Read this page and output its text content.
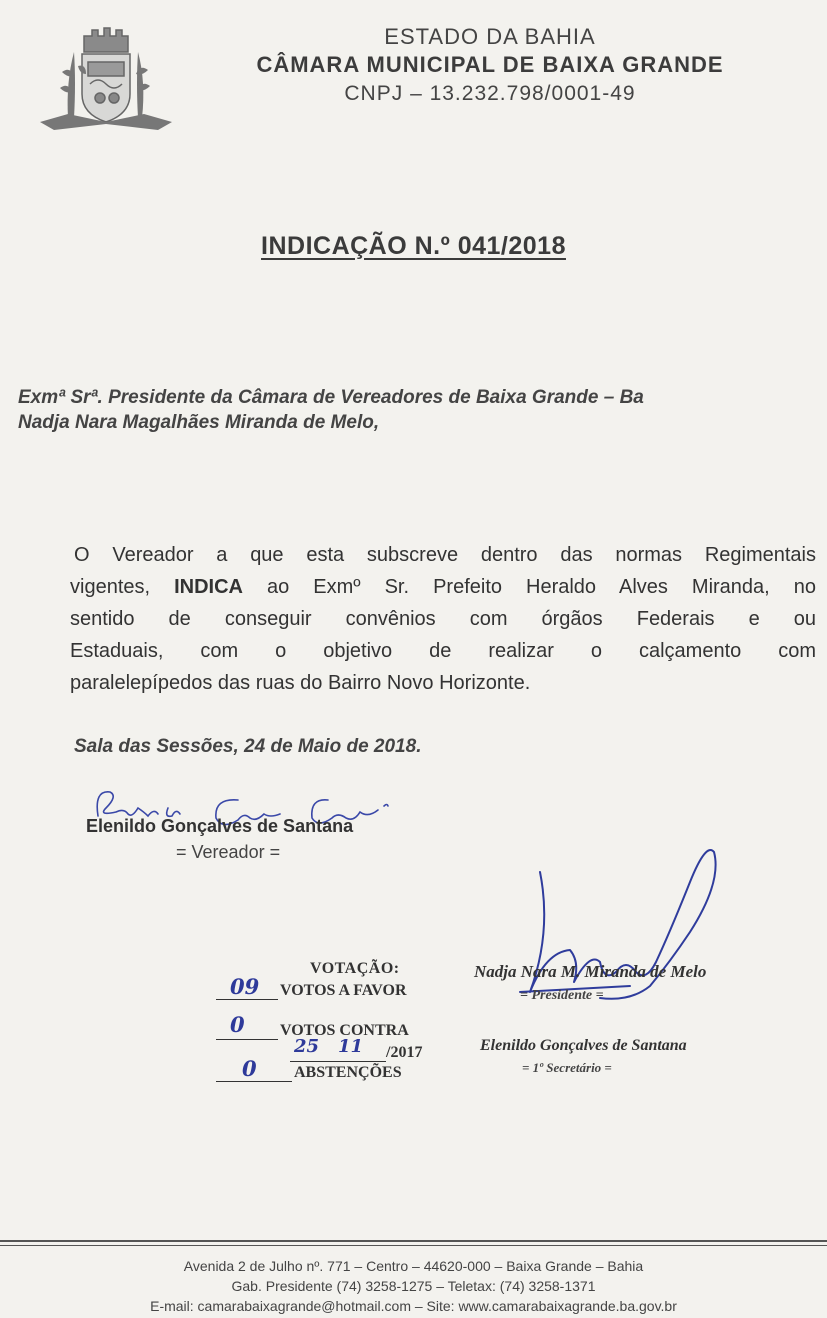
ESTADO DA BAHIA
CÂMARA MUNICIPAL DE BAIXA GRANDE
CNPJ – 13.232.798/0001-49
INDICAÇÃO N.º 041/2018
Exmª Srª. Presidente da Câmara de Vereadores de Baixa Grande – Ba
Nadja Nara Magalhães Miranda de Melo,
O Vereador a que esta subscreve dentro das normas Regimentais
vigentes, INDICA ao Exmº Sr. Prefeito Heraldo Alves Miranda, no
sentido de conseguir convênios com órgãos Federais e ou
Estaduais, com o objetivo de realizar o calçamento com
paralelepípedos das ruas do Bairro Novo Horizonte.
Sala das Sessões, 24 de Maio de 2018.
Elenildo Gonçalves de Santana
= Vereador =
VOTAÇÃO:
09 VOTOS A FAVOR
0 VOTOS CONTRA
25 11 /2017
0 ABSTENÇÕES
Nadja Nara M. Miranda de Melo
= Presidente =
Elenildo Gonçalves de Santana
= 1º Secretário =
Avenida 2 de Julho nº. 771 – Centro – 44620-000 – Baixa Grande – Bahia
Gab. Presidente (74) 3258-1275 – Teletax: (74) 3258-1371
E-mail: camarabaixagrande@hotmail.com – Site: www.camarabaixagrande.ba.gov.br
